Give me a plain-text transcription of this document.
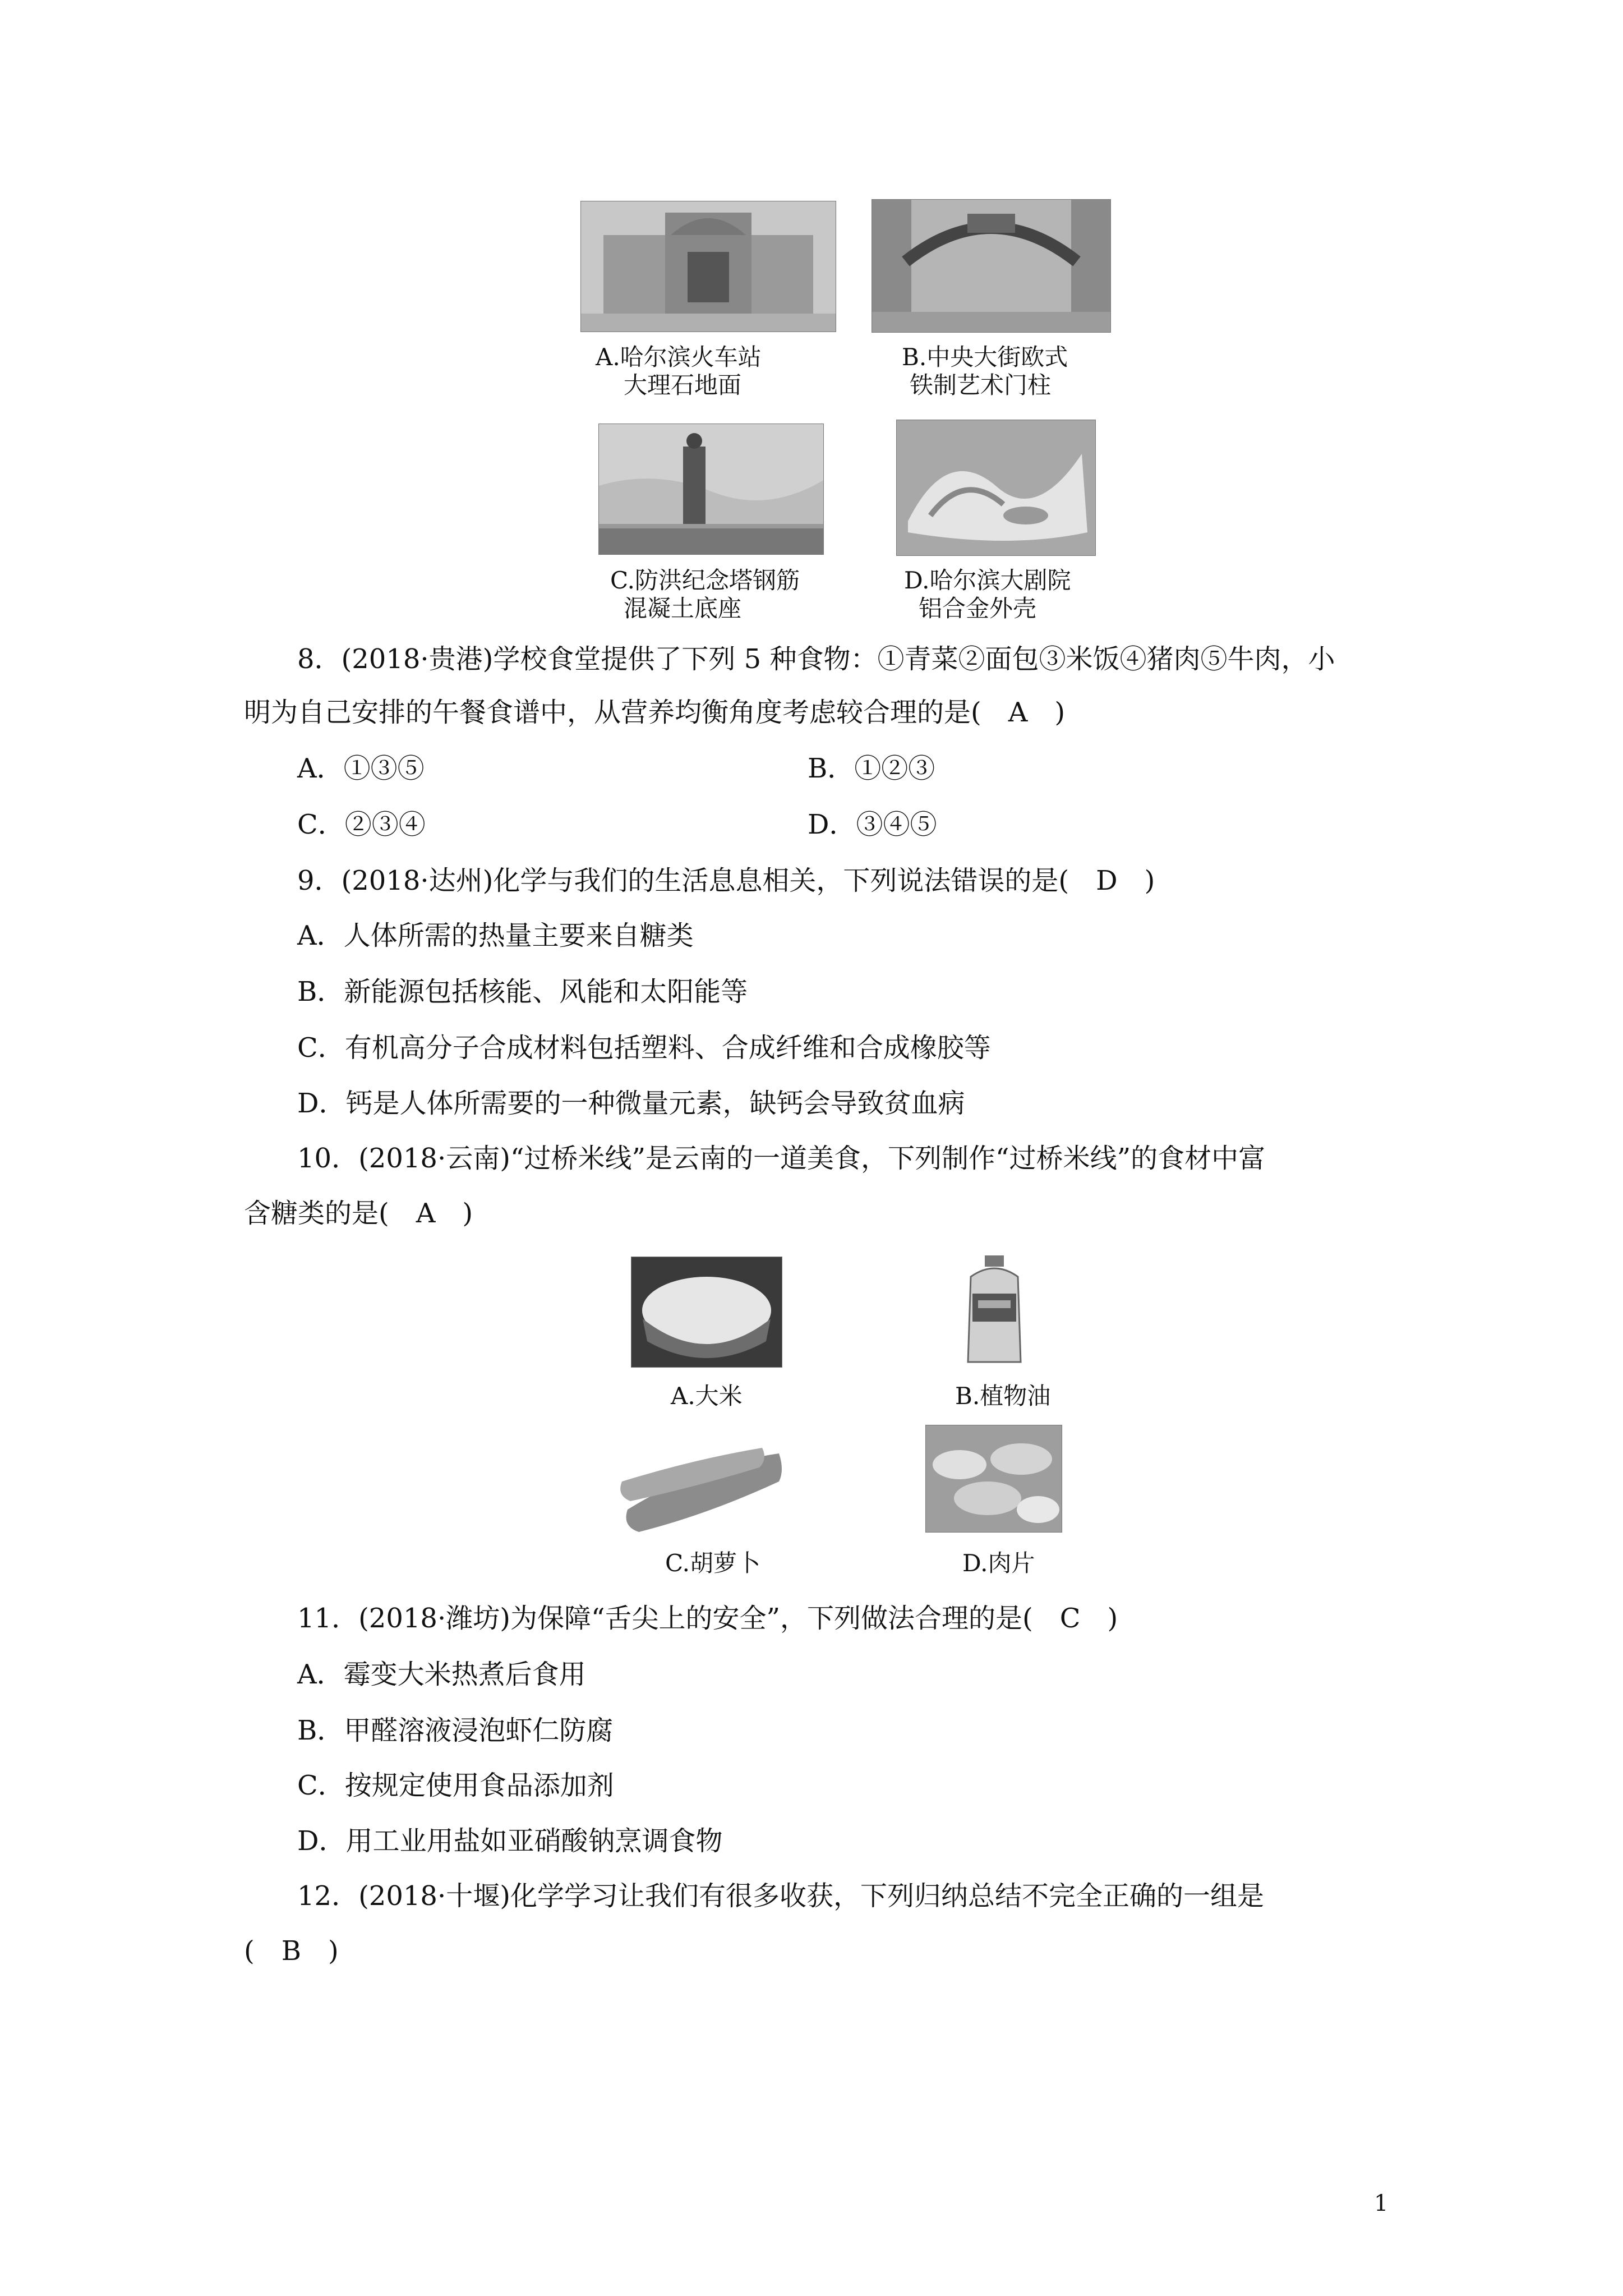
A.哈尔滨火车站
大理石地面
B.中央大街欧式
铁制艺术门柱
C.防洪纪念塔钢筋
混凝土底座
D.哈尔滨大剧院
铝合金外壳
8．(2018·贵港)学校食堂提供了下列 5 种食物：①青菜②面包③米饭④猪肉⑤牛肉，小
明为自己安排的午餐食谱中，从营养均衡角度考虑较合理的是(　A　)
A．①③⑤	B．①②③
C．②③④	D．③④⑤
9．(2018·达州)化学与我们的生活息息相关，下列说法错误的是(　D　)
A．人体所需的热量主要来自糖类
B．新能源包括核能、风能和太阳能等
C．有机高分子合成材料包括塑料、合成纤维和合成橡胶等
D．钙是人体所需要的一种微量元素，缺钙会导致贫血病
10．(2018·云南)“过桥米线”是云南的一道美食，下列制作“过桥米线”的食材中富
含糖类的是(　A　)
A.大米	B.植物油
C.胡萝卜	D.肉片
11．(2018·潍坊)为保障“舌尖上的安全”，下列做法合理的是(　C　)
A．霉变大米热煮后食用
B．甲醛溶液浸泡虾仁防腐
C．按规定使用食品添加剂
D．用工业用盐如亚硝酸钠烹调食物
12．(2018·十堰)化学学习让我们有很多收获，下列归纳总结不完全正确的一组是
(　B　)
1
